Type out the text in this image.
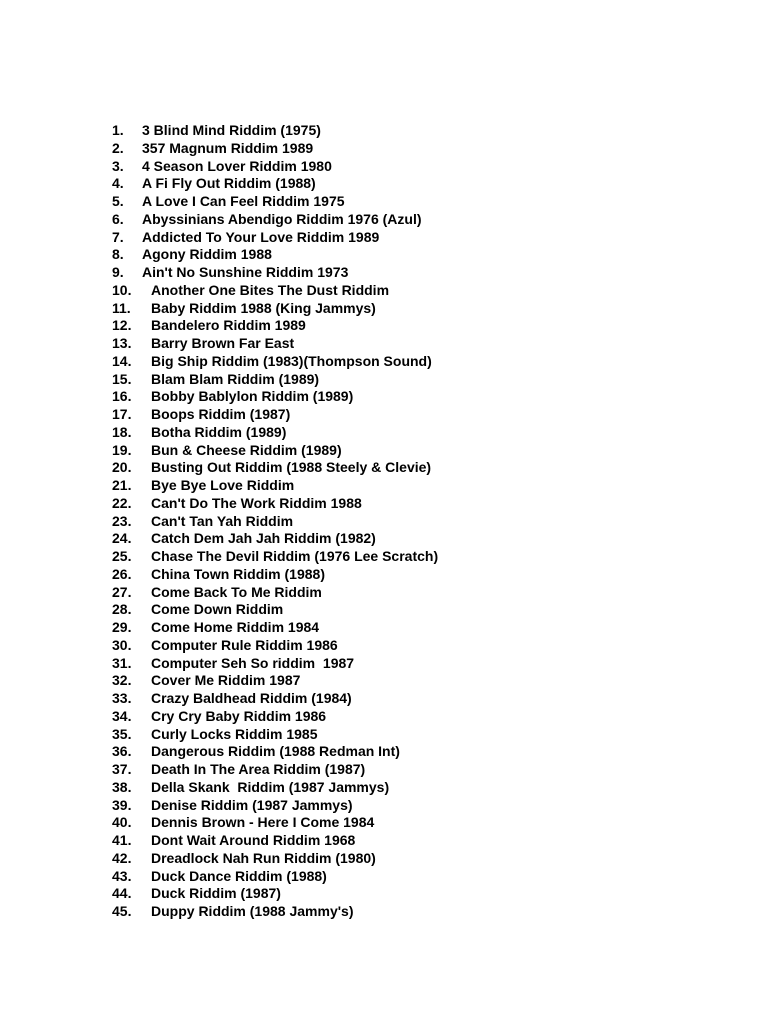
1. 3 Blind Mind Riddim (1975)
2. 357 Magnum Riddim 1989
3. 4 Season Lover Riddim 1980
4. A Fi Fly Out Riddim (1988)
5. A Love I Can Feel Riddim 1975
6. Abyssinians Abendigo Riddim 1976 (Azul)
7. Addicted To Your Love Riddim 1989
8. Agony Riddim 1988
9. Ain't No Sunshine Riddim 1973
10. Another One Bites The Dust Riddim
11. Baby Riddim 1988 (King Jammys)
12. Bandelero Riddim 1989
13. Barry Brown Far East
14. Big Ship Riddim (1983)(Thompson Sound)
15. Blam Blam Riddim (1989)
16. Bobby Bablylon Riddim (1989)
17. Boops Riddim (1987)
18. Botha Riddim (1989)
19. Bun & Cheese Riddim (1989)
20. Busting Out Riddim (1988 Steely & Clevie)
21. Bye Bye Love Riddim
22. Can't Do The Work Riddim 1988
23. Can't Tan Yah Riddim
24. Catch Dem Jah Jah Riddim (1982)
25. Chase The Devil Riddim (1976 Lee Scratch)
26. China Town Riddim (1988)
27. Come Back To Me Riddim
28. Come Down Riddim
29. Come Home Riddim 1984
30. Computer Rule Riddim 1986
31. Computer Seh So riddim  1987
32. Cover Me Riddim 1987
33. Crazy Baldhead Riddim (1984)
34. Cry Cry Baby Riddim 1986
35. Curly Locks Riddim 1985
36. Dangerous Riddim (1988 Redman Int)
37. Death In The Area Riddim (1987)
38. Della Skank  Riddim (1987 Jammys)
39. Denise Riddim (1987 Jammys)
40. Dennis Brown - Here I Come 1984
41. Dont Wait Around Riddim 1968
42. Dreadlock Nah Run Riddim (1980)
43. Duck Dance Riddim (1988)
44. Duck Riddim (1987)
45. Duppy Riddim (1988 Jammy's)
